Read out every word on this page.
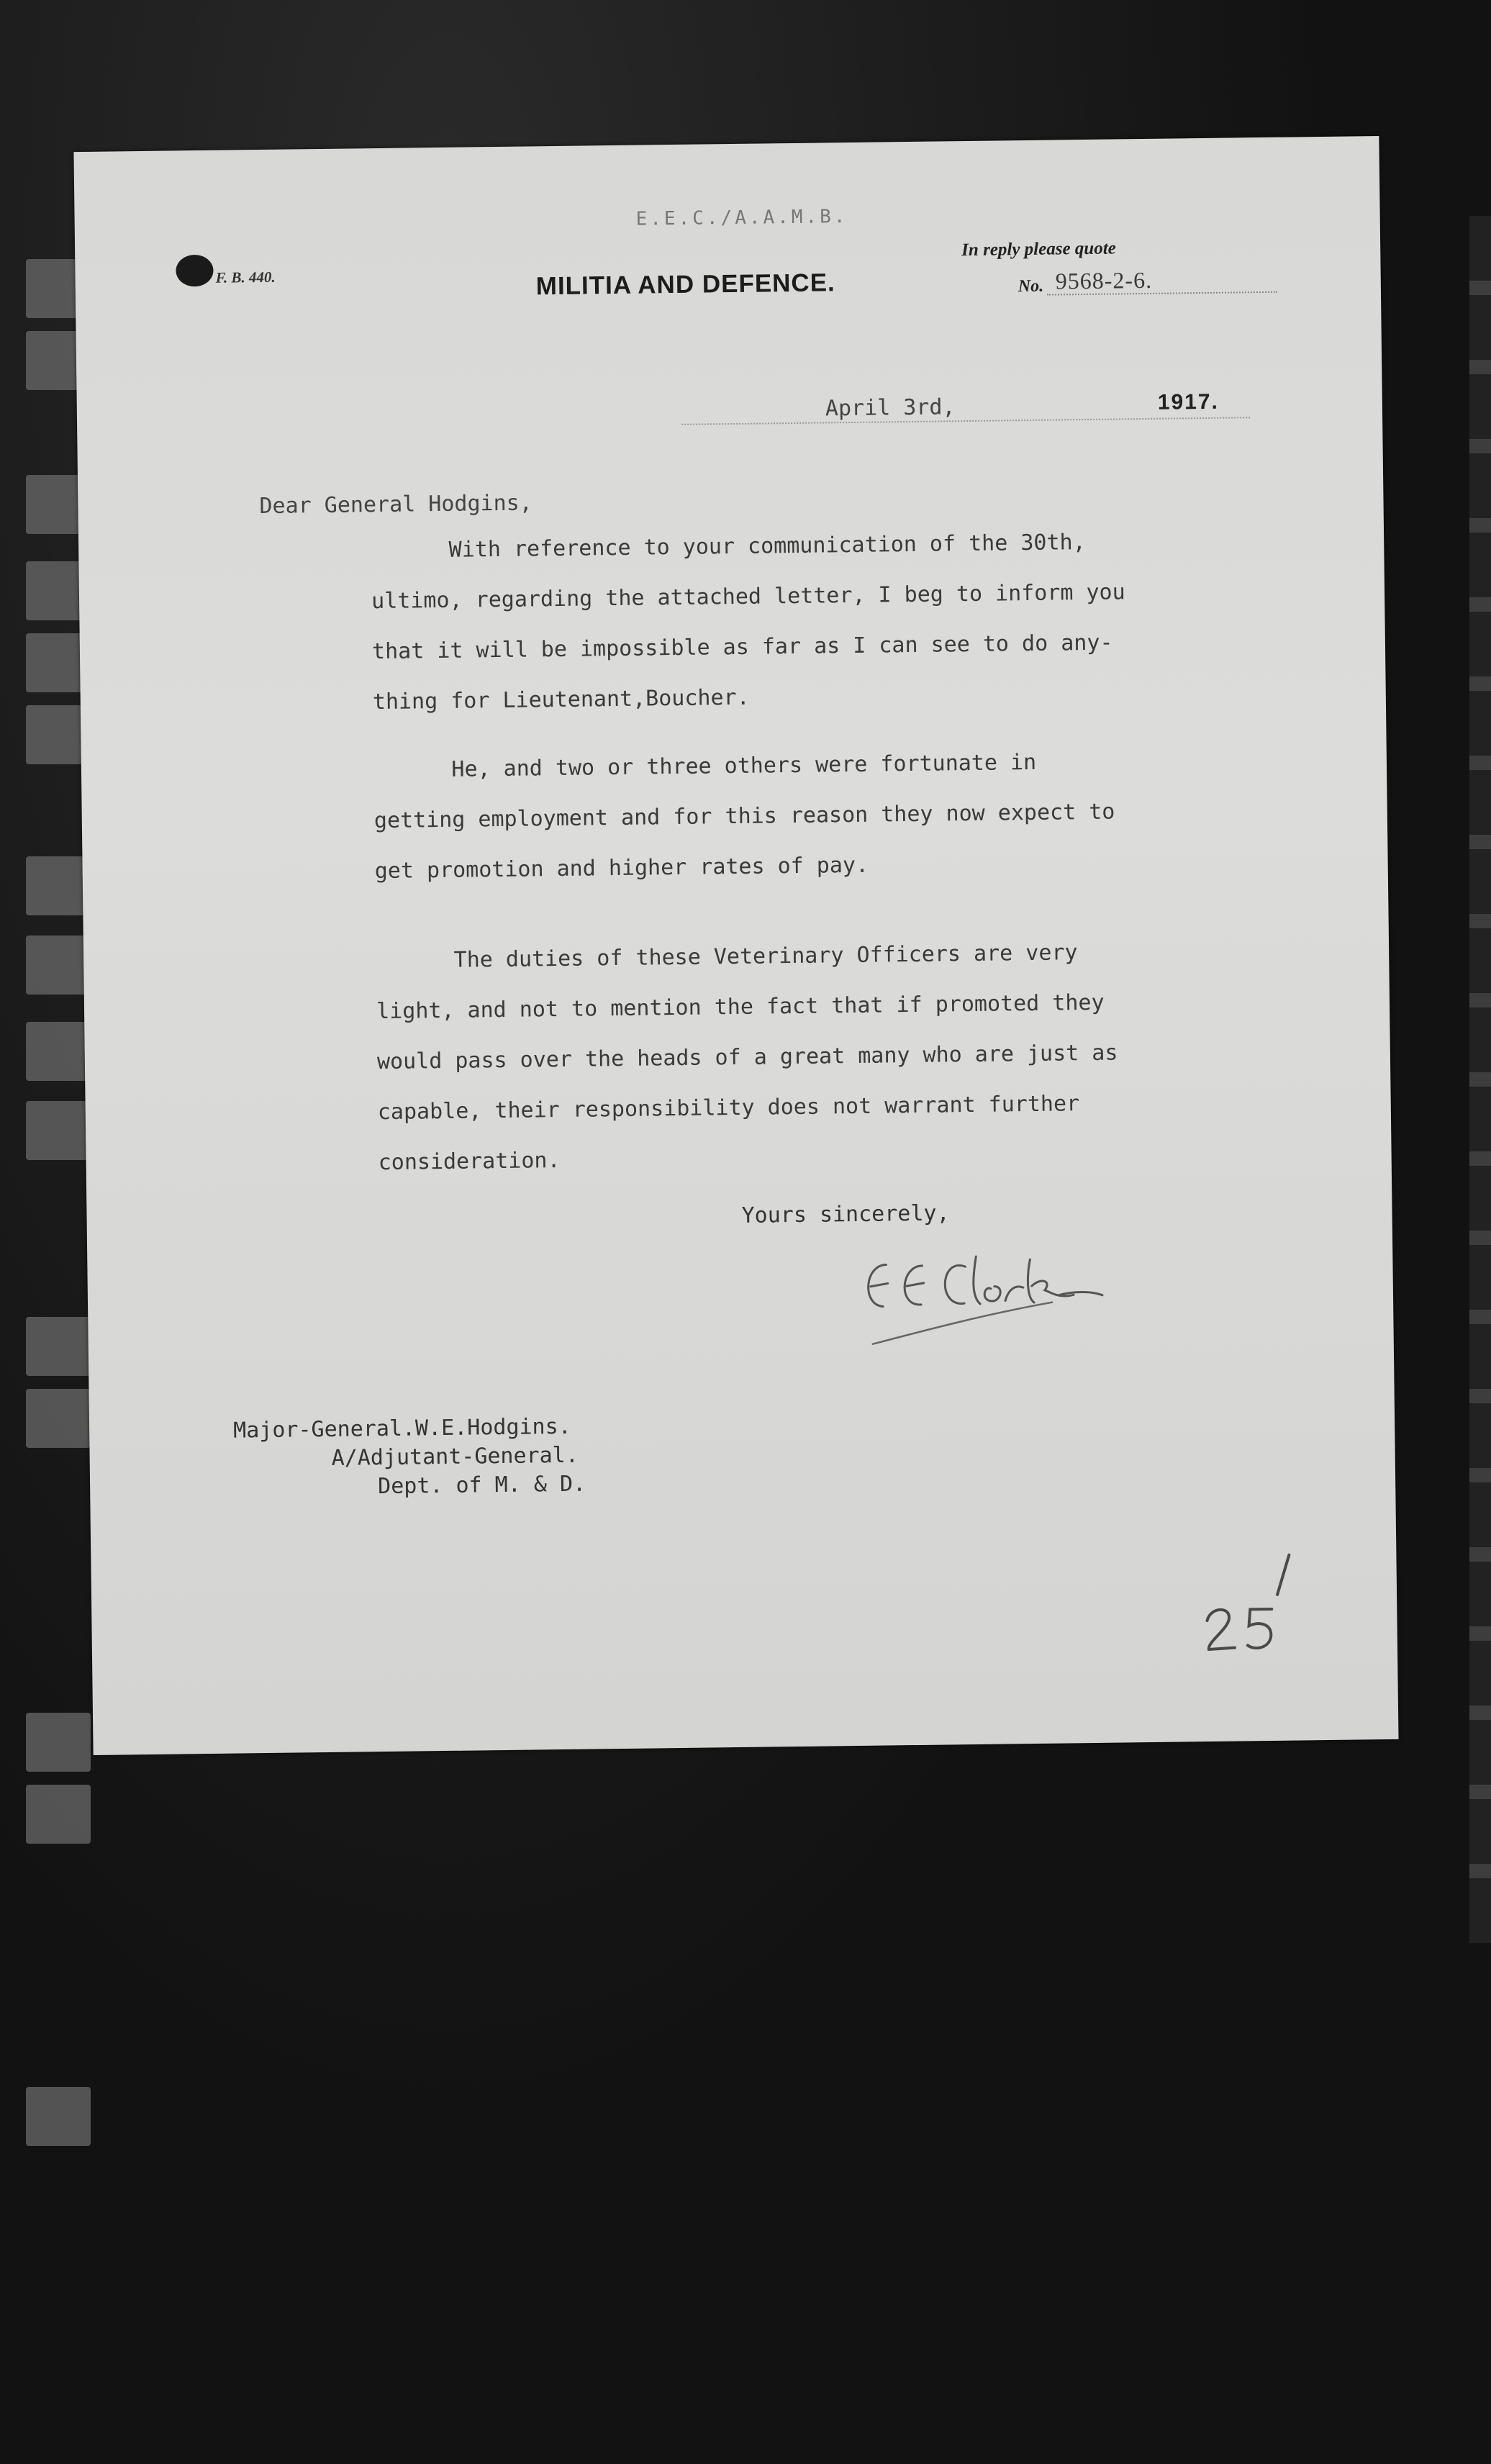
F. B. 440.
E.E.C./A.A.M.B.
MILITIA AND DEFENCE.
In reply please quote
No. 9568-2-6.
April 3rd,	1917.
Dear General Hodgins,
With reference to your communication of the 30th,
ultimo, regarding the attached letter, I beg to inform you
that it will be impossible as far as I can see to do any-
thing for Lieutenant,Boucher.
He, and two or three others were fortunate in
getting employment and for this reason they now expect to
get promotion and higher rates of pay.
The duties of these Veterinary Officers are very
light, and not to mention the fact that if promoted they
would pass over the heads of a great many who are just as
capable, their responsibility does not warrant further
consideration.
Yours sincerely,
Major-General.W.E.Hodgins.
A/Adjutant-General.
Dept. of M. & D.
